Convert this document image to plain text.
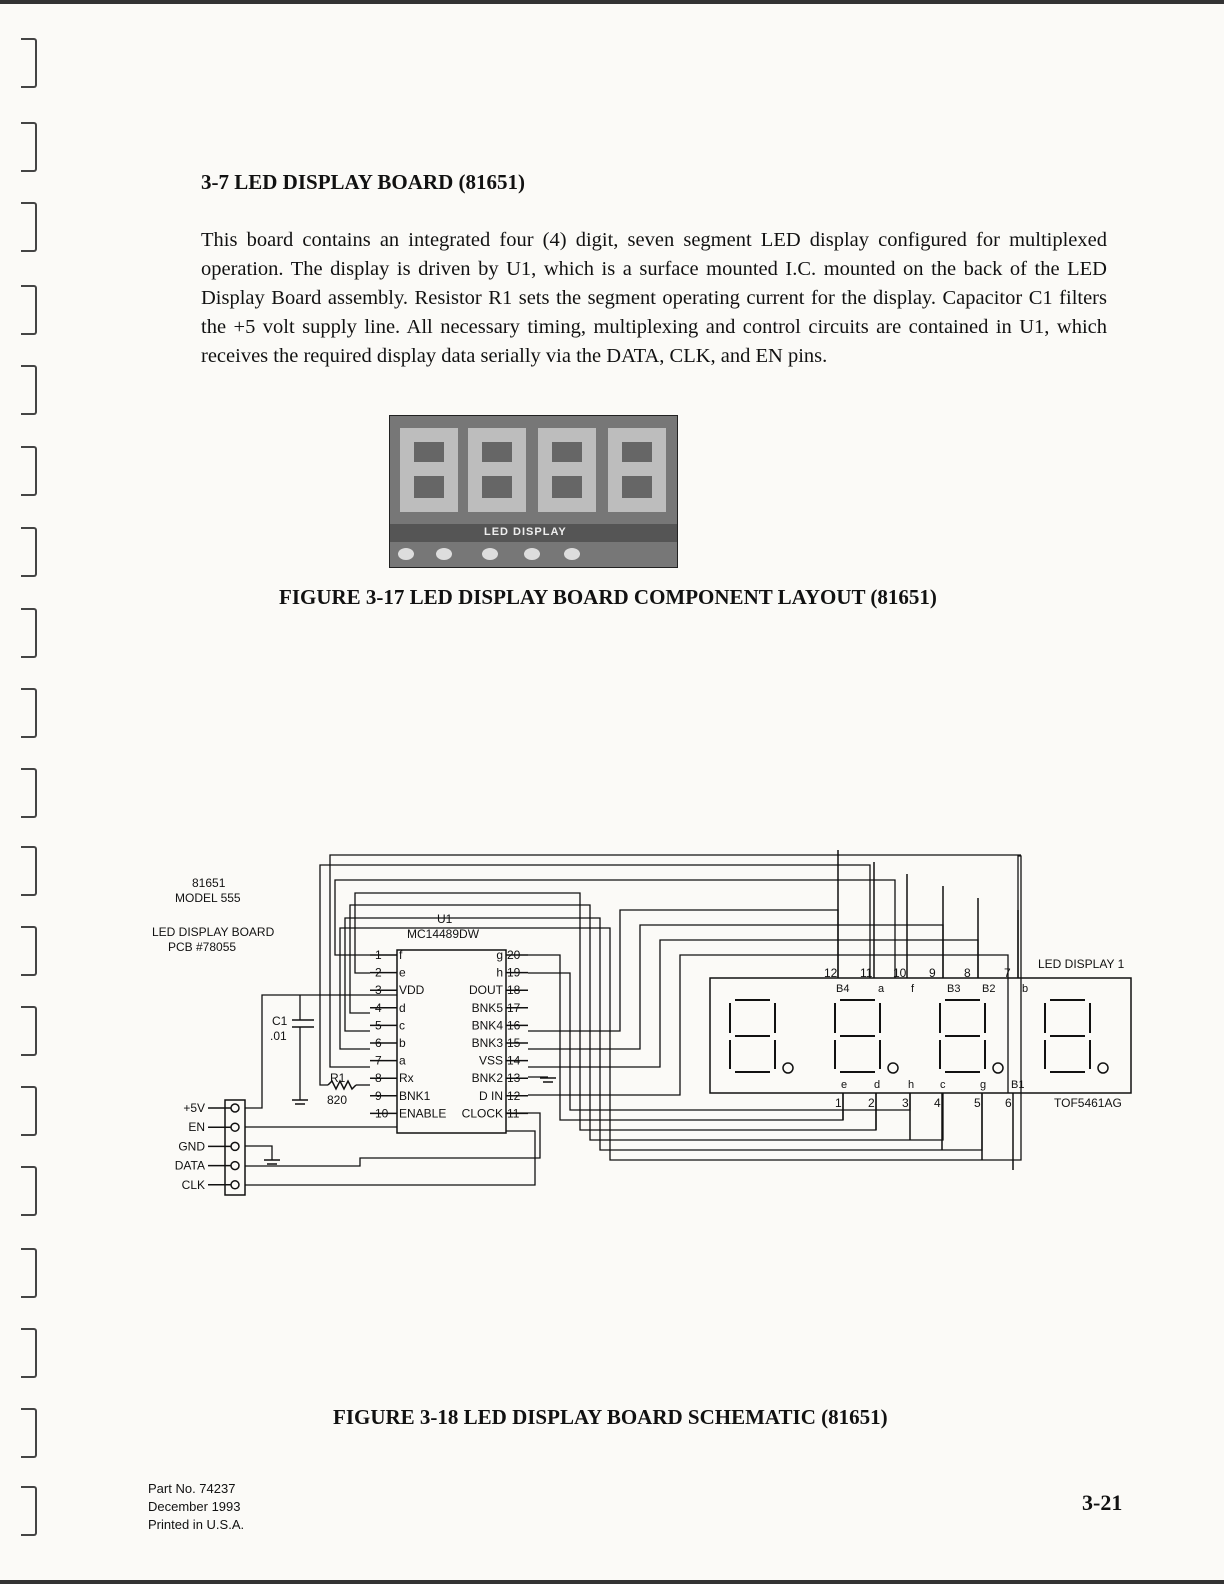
3-7 LED DISPLAY BOARD (81651)
This board contains an integrated four (4) digit, seven segment LED display configured for multiplexed operation. The display is driven by U1, which is a surface mounted I.C. mounted on the back of the LED Display Board assembly. Resistor R1 sets the segment operating current for the display. Capacitor C1 filters the +5 volt supply line. All necessary timing, multiplexing and control circuits are contained in U1, which receives the required display data serially via the DATA, CLK, and EN pins.
LED DISPLAY
FIGURE 3-17 LED DISPLAY BOARD COMPONENT LAYOUT (81651)
81651
MODEL 555
LED DISPLAY BOARD
PCB #78055
U1
MC14489DW
1 f
2 e
3 VDD
4 d
5 c
6 b
7 a
8 Rx
9 BNK1
10 ENABLE
20
g
19
h
18
DOUT
17
BNK5
16
BNK4
15
BNK3
14
VSS
13
BNK2
12
D IN
11
CLOCK
LED DISPLAY 1
TOF5461AG
12
B4
11
a
10
f
9
B3
8
B2
7
b
1
e
2
d
3
h
4
c
5
g
6
B1
+5V
EN
GND
DATA
CLK
C1
.01
R1
820
FIGURE 3-18 LED DISPLAY BOARD SCHEMATIC (81651)
Part No. 74237
December 1993
Printed in U.S.A.
3-21
